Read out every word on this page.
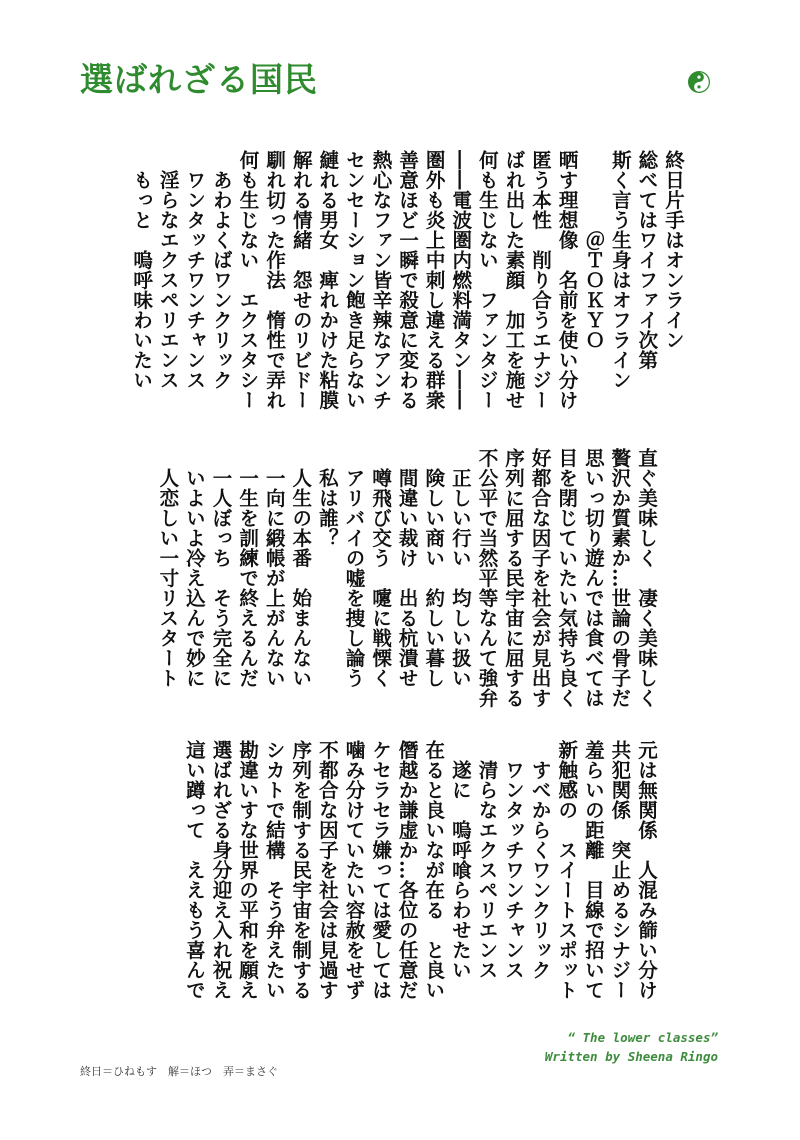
選ばれざる国民
終日片手はオンライン
総べてはワイファイ次第
斯く言う生身はオフライン
　　　　＠ＴＯＫＹＯ
晒す理想像　名前を使い分け
匿う本性　削り合うエナジー
ばれ出した素顔　加工を施せ
何も生じない　ファンタジー
――電波圏内燃料満タン――
圏外も炎上中刺し違える群衆
善意ほど一瞬で殺意に変わる
熱心なファン皆辛辣なアンチ
センセーション飽き足らない
縺れる男女　痺れかけた粘膜
解れる情緒　怨せのリビドー
馴れ切った作法　惰性で弄れ
何も生じない　エクスタシー
　あわよくばワンクリック
　ワンタッチワンチャンス
　淫らなエクスペリエンス
　もっと　嗚呼味わいたい
直ぐ美味しく　凄く美味しく
贅沢か質素か…世論の骨子だ
思いっ切り遊んでは食べては
目を閉じていたい気持ち良く
好都合な因子を社会が見出す
序列に屈する民宇宙に屈する
不公平で当然平等なんて強弁
　正しい行い　均しい扱い
　険しい商い　約しい暮し
　間違い裁け　出る杭潰せ
　噂飛び交う　嚔に戦慄く
　アリバイの嘘を捜し論う
　私は誰？
　人生の本番　始まんない
　一向に緞帳が上がんない
　一生を訓練で終えるんだ
　一人ぼっち　そう完全に
　いよいよ冷え込んで妙に
　人恋しい一寸リスタート
元は無関係　人混み篩い分け
共犯関係　突止めるシナジー
羞らいの距離　目線で招いて
新触感の　スイートスポット
　すべからくワンクリック
　ワンタッチワンチャンス
　清らなエクスペリエンス
　遂に　嗚呼喰らわせたい
在ると良いなが在る　と良い
僭越か謙虚か…各位の任意だ
ケセラセラ嫌っては愛しては
噛み分けていたい容赦をせず
不都合な因子を社会は見過す
序列を制する民宇宙を制する
シカトで結構　そう弁えたい
勘違いすな世界の平和を願え
選ばれざる身分迎え入れ祝え
這い蹲って　ええもう喜んで
“ The lower classes”
Written by Sheena Ringo
終日＝ひねもす　解＝ほつ　弄＝まさぐ
